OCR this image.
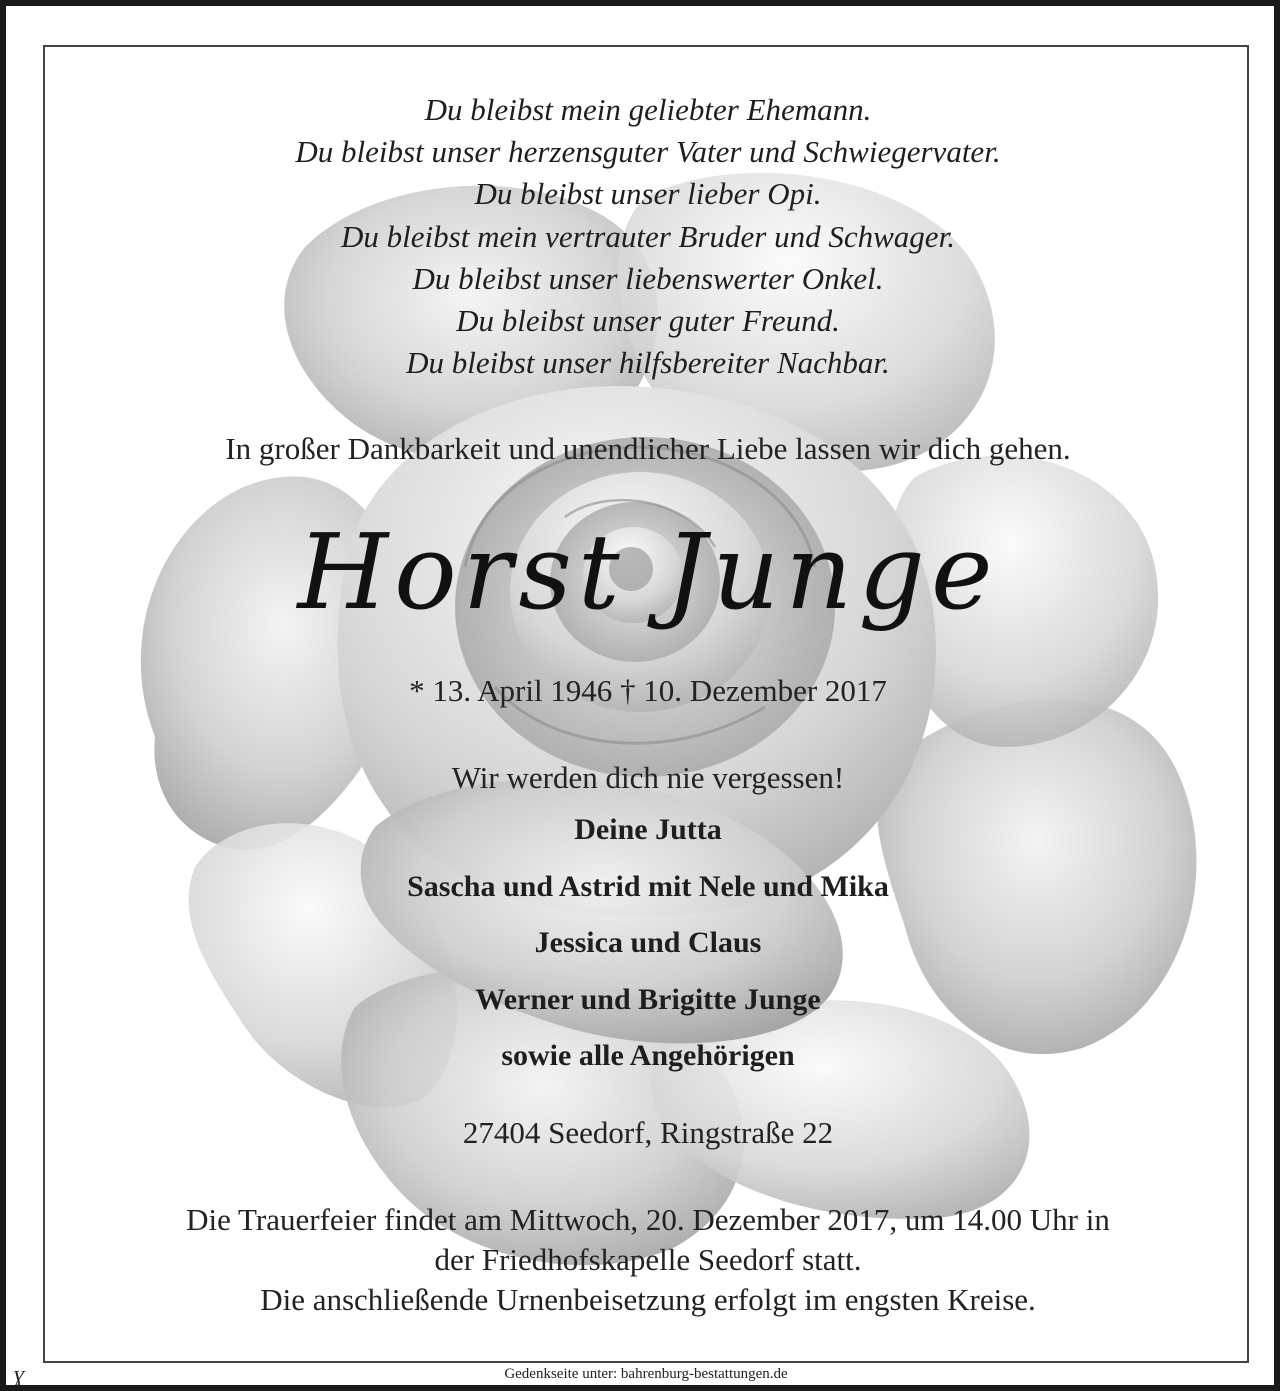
Du bleibst mein geliebter Ehemann.
Du bleibst unser herzensguter Vater und Schwiegervater.
Du bleibst unser lieber Opi.
Du bleibst mein vertrauter Bruder und Schwager.
Du bleibst unser liebenswerter Onkel.
Du bleibst unser guter Freund.
Du bleibst unser hilfsbereiter Nachbar.
In großer Dankbarkeit und unendlicher Liebe lassen wir dich gehen.
Horst Junge
* 13. April 1946 † 10. Dezember 2017
Wir werden dich nie vergessen!
Deine Jutta
Sascha und Astrid mit Nele und Mika
Jessica und Claus
Werner und Brigitte Junge
sowie alle Angehörigen
27404 Seedorf, Ringstraße 22
Die Trauerfeier findet am Mittwoch, 20. Dezember 2017, um 14.00 Uhr in
der Friedhofskapelle Seedorf statt.
Die anschließende Urnenbeisetzung erfolgt im engsten Kreise.
ɣ	Gedenkseite unter: bahrenburg-bestattungen.de
